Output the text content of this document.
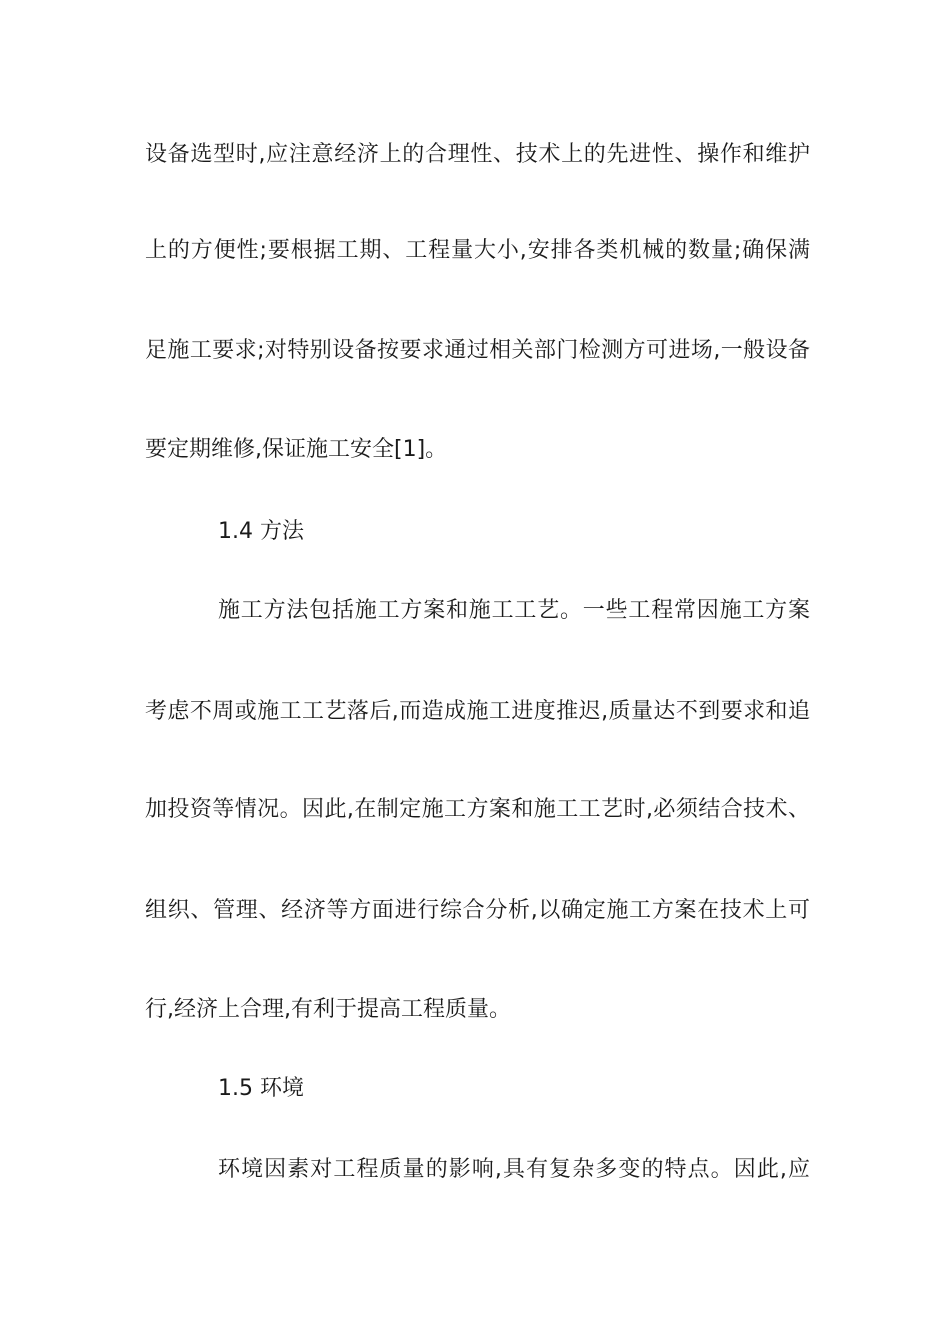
设备选型时,应注意经济上的合理性、技术上的先进性、操作和维护
上的方便性;要根据工期、工程量大小,安排各类机械的数量;确保满
足施工要求;对特别设备按要求通过相关部门检测方可进场,一般设备
要定期维修,保证施工安全[1]。
1.4 方法
施工方法包括施工方案和施工工艺。一些工程常因施工方案
考虑不周或施工工艺落后,而造成施工进度推迟,质量达不到要求和追
加投资等情况。因此,在制定施工方案和施工工艺时,必须结合技术、
组织、管理、经济等方面进行综合分析,以确定施工方案在技术上可
行,经济上合理,有利于提高工程质量。
1.5 环境
环境因素对工程质量的影响,具有复杂多变的特点。因此,应
